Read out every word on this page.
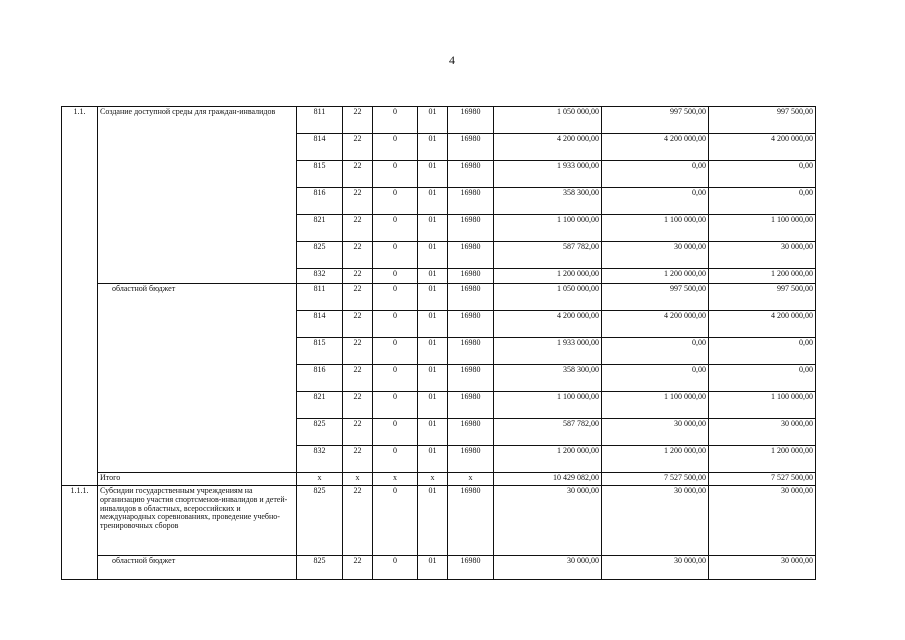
4
1.1.	Создание доступной среды для граждан-инвалидов	811	22	0	01	16980	1 050 000,00	997 500,00	997 500,00
		814	22	0	01	16980	4 200 000,00	4 200 000,00	4 200 000,00
		815	22	0	01	16980	1 933 000,00	0,00	0,00
		816	22	0	01	16980	358 300,00	0,00	0,00
		821	22	0	01	16980	1 100 000,00	1 100 000,00	1 100 000,00
		825	22	0	01	16980	587 782,00	30 000,00	30 000,00
		832	22	0	01	16980	1 200 000,00	1 200 000,00	1 200 000,00
	областной бюджет	811	22	0	01	16980	1 050 000,00	997 500,00	997 500,00
		814	22	0	01	16980	4 200 000,00	4 200 000,00	4 200 000,00
		815	22	0	01	16980	1 933 000,00	0,00	0,00
		816	22	0	01	16980	358 300,00	0,00	0,00
		821	22	0	01	16980	1 100 000,00	1 100 000,00	1 100 000,00
		825	22	0	01	16980	587 782,00	30 000,00	30 000,00
		832	22	0	01	16980	1 200 000,00	1 200 000,00	1 200 000,00
	Итого	x	x	x	x	x	10 429 082,00	7 527 500,00	7 527 500,00
1.1.1.	Субсидии государственным учреждениям на организацию участия спортсменов-инвалидов и детей-инвалидов в областных, всероссийских и международных соревнованиях, проведение учебно-тренировочных сборов	825	22	0	01	16980	30 000,00	30 000,00	30 000,00
	областной бюджет	825	22	0	01	16980	30 000,00	30 000,00	30 000,00
